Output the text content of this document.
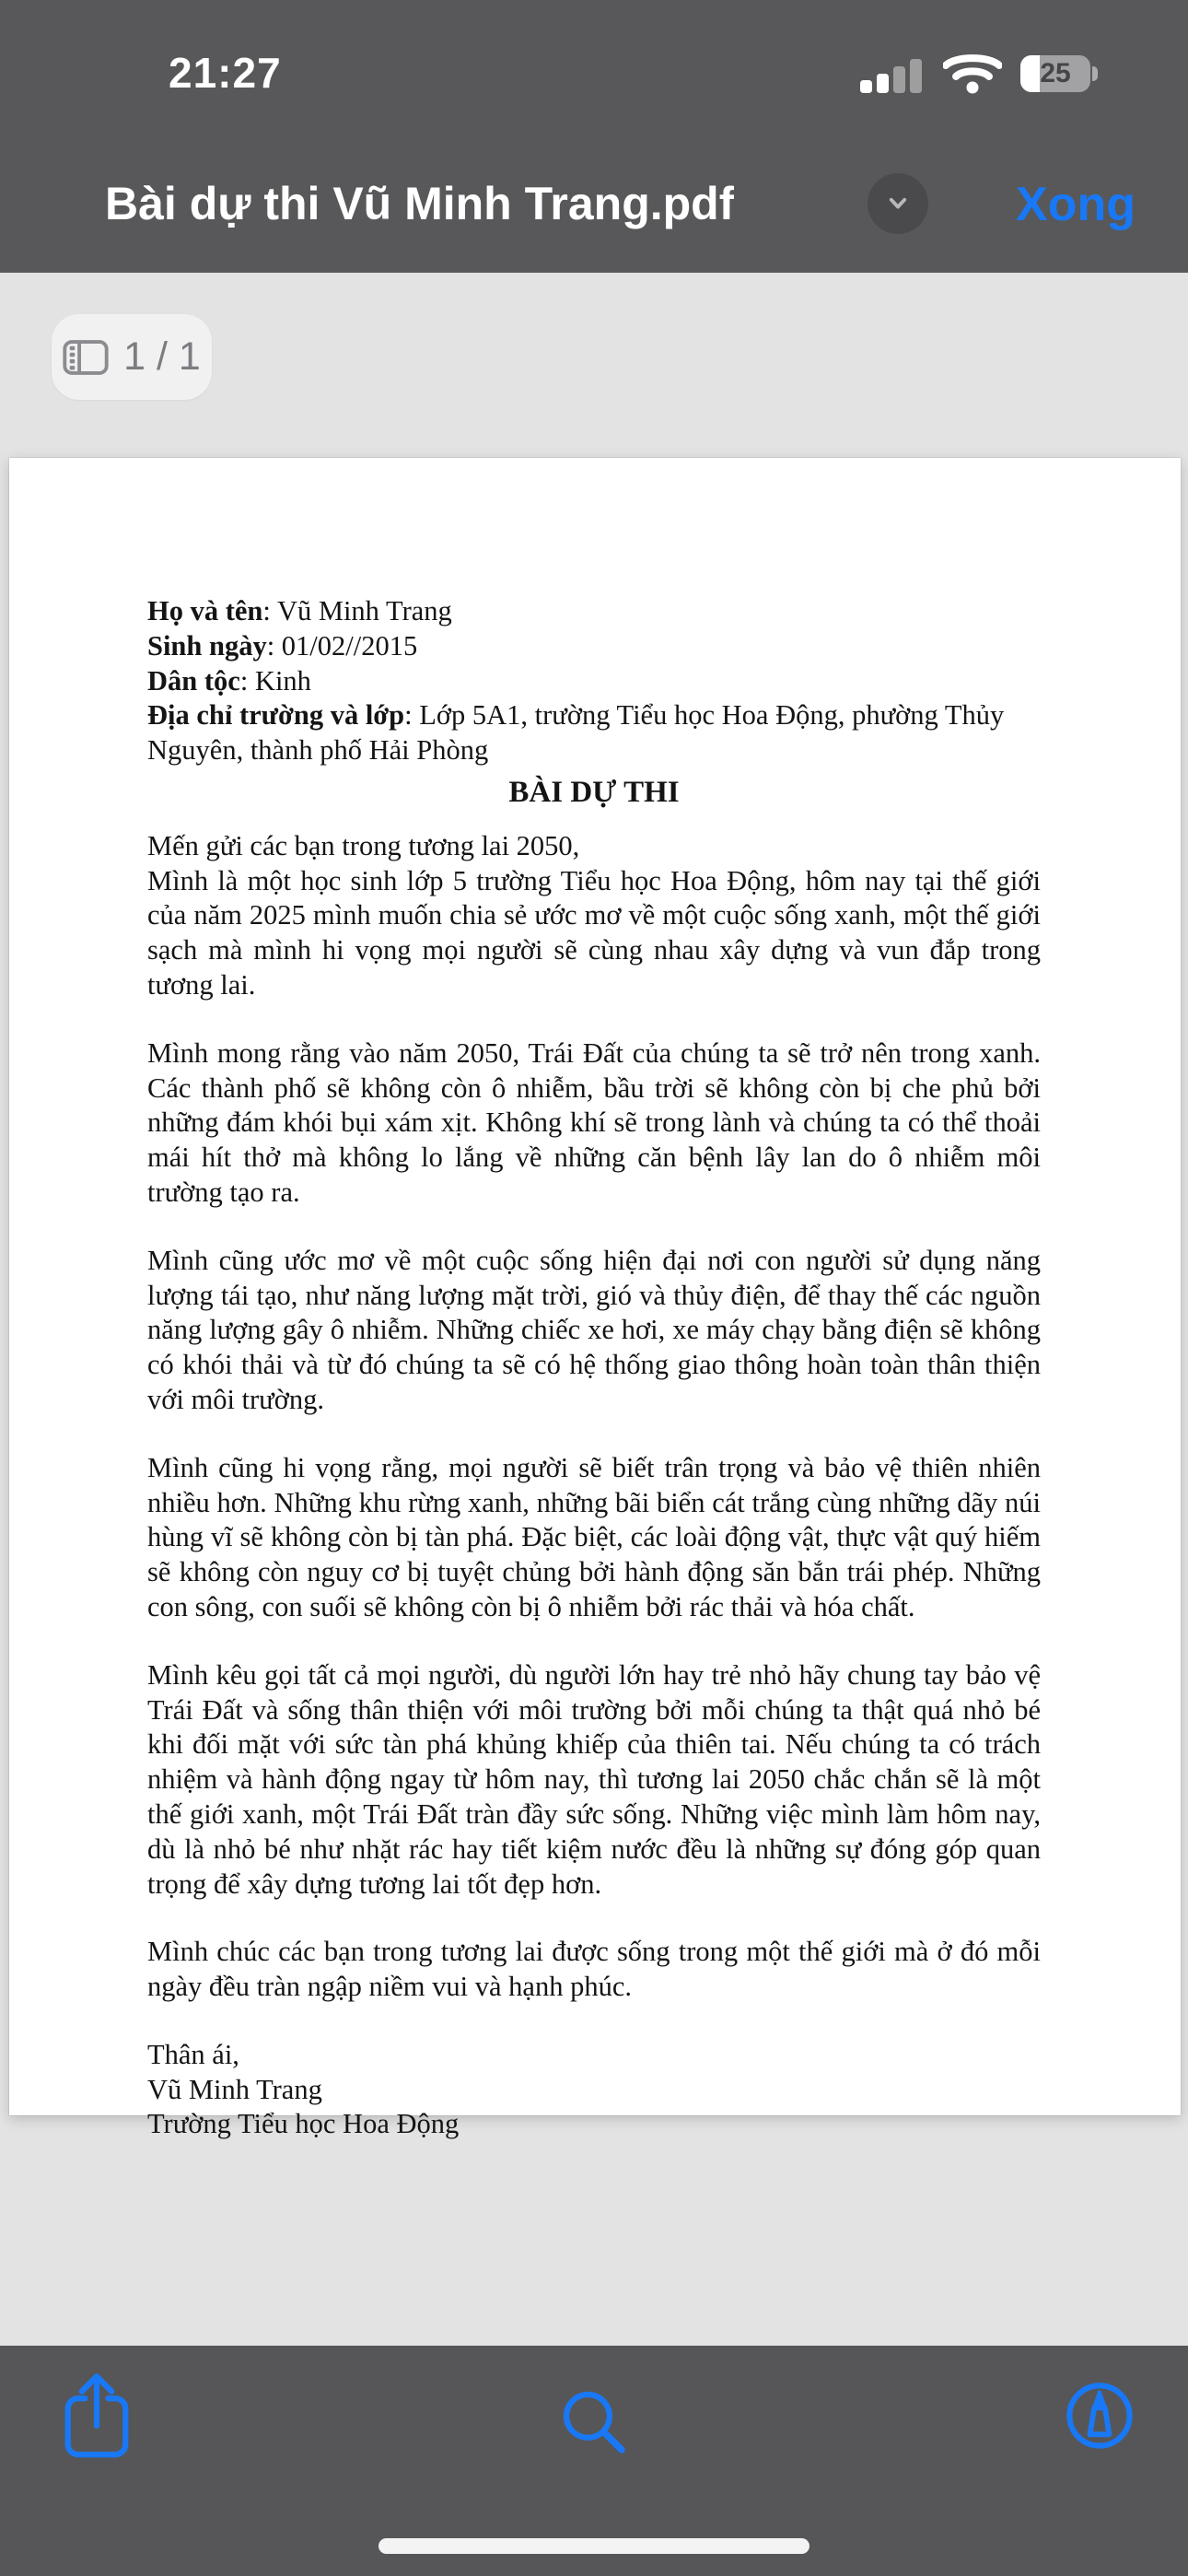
21:27	25
Bài dự thi Vũ Minh Trang.pdf	Xong
1 / 1

Họ và tên: Vũ Minh Trang

Sinh ngày: 01/02//2015

Dân tộc: Kinh

Địa chỉ trường và lớp: Lớp 5A1, trường Tiểu học Hoa Động, phường Thủy Nguyên, thành phố Hải Phòng

BÀI DỰ THI

Mến gửi các bạn trong tương lai 2050,

Mình là một học sinh lớp 5 trường Tiểu học Hoa Động, hôm nay tại thế giới của năm 2025 mình muốn chia sẻ ước mơ về một cuộc sống xanh, một thế giới sạch mà mình hi vọng mọi người sẽ cùng nhau xây dựng và vun đắp trong tương lai.

Mình mong rằng vào năm 2050, Trái Đất của chúng ta sẽ trở nên trong xanh. Các thành phố sẽ không còn ô nhiễm, bầu trời sẽ không còn bị che phủ bởi những đám khói bụi xám xịt. Không khí sẽ trong lành và chúng ta có thể thoải mái hít thở mà không lo lắng về những căn bệnh lây lan do ô nhiễm môi trường tạo ra.

Mình cũng ước mơ về một cuộc sống hiện đại nơi con người sử dụng năng lượng tái tạo, như năng lượng mặt trời, gió và thủy điện, để thay thế các nguồn năng lượng gây ô nhiễm. Những chiếc xe hơi, xe máy chạy bằng điện sẽ không có khói thải và từ đó chúng ta sẽ có hệ thống giao thông hoàn toàn thân thiện với môi trường.

Mình cũng hi vọng rằng, mọi người sẽ biết trân trọng và bảo vệ thiên nhiên nhiều hơn. Những khu rừng xanh, những bãi biển cát trắng cùng những dãy núi hùng vĩ sẽ không còn bị tàn phá. Đặc biệt, các loài động vật, thực vật quý hiếm sẽ không còn nguy cơ bị tuyệt chủng bởi hành động săn bắn trái phép. Những con sông, con suối sẽ không còn bị ô nhiễm bởi rác thải và hóa chất.

Mình kêu gọi tất cả mọi người, dù người lớn hay trẻ nhỏ hãy chung tay bảo vệ Trái Đất và sống thân thiện với môi trường bởi mỗi chúng ta thật quá nhỏ bé khi đối mặt với sức tàn phá khủng khiếp của thiên tai. Nếu chúng ta có trách nhiệm và hành động ngay từ hôm nay, thì tương lai 2050 chắc chắn sẽ là một thế giới xanh, một Trái Đất tràn đầy sức sống. Những việc mình làm hôm nay, dù là nhỏ bé như nhặt rác hay tiết kiệm nước đều là những sự đóng góp quan trọng để xây dựng tương lai tốt đẹp hơn.

Mình chúc các bạn trong tương lai được sống trong một thế giới mà ở đó mỗi ngày đều tràn ngập niềm vui và hạnh phúc.

Thân ái,
Vũ Minh Trang
Trường Tiểu học Hoa Động
